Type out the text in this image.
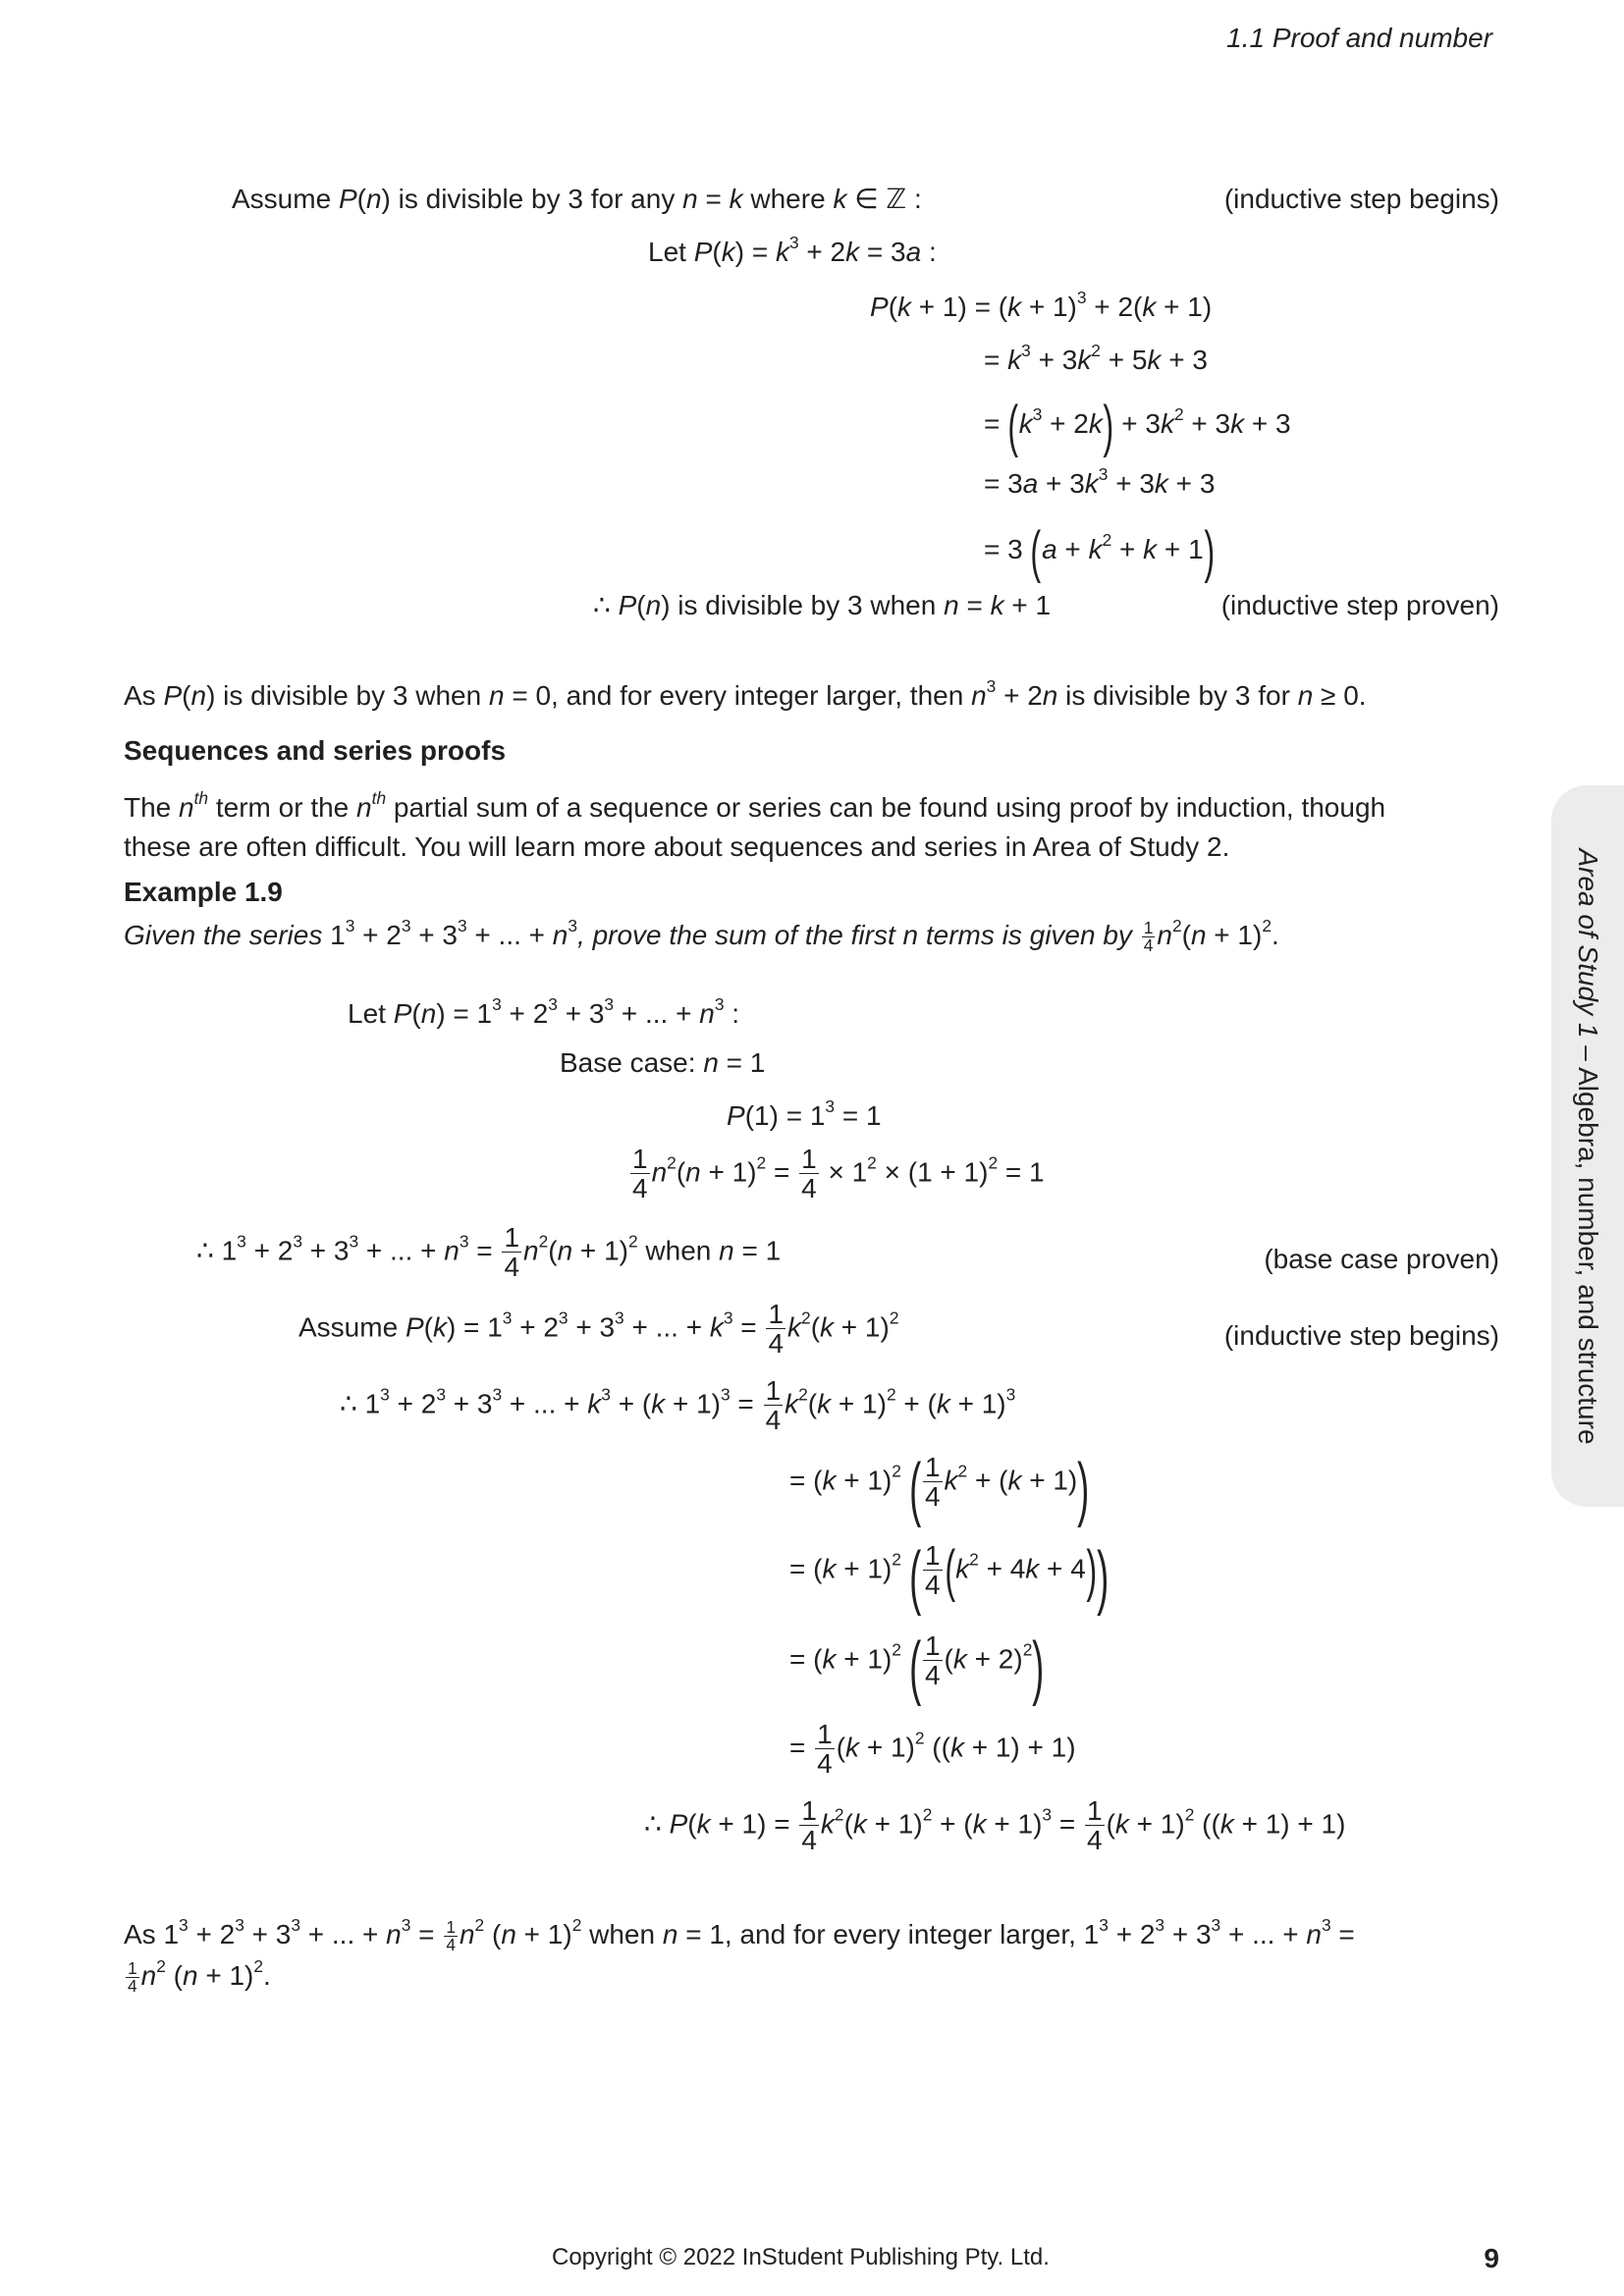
1.1 Proof and number
Assume P(n) is divisible by 3 for any n = k where k ∈ ℤ :	(inductive step begins)
Let $P(k) = k^3 + 2k = 3a$ :
$P(k + 1) = (k + 1)^3 + 2(k + 1)$
= $k^3 + 3k^2 + 5k + 3$
= $(k^3 + 2k) + 3k^2 + 3k + 3$
= $3a + 3k^3 + 3k + 3$
= 3 $(a + k^2 + k + 1)$
∴ P(n) is divisible by 3 when n = k + 1	(inductive step proven)
As P(n) is divisible by 3 when n = 0, and for every integer larger, then $n^3 + 2n$ is divisible by 3 for n ≥ 0.
Sequences and series proofs
The $n^{th}$ term or the $n^{th}$ partial sum of a sequence or series can be found using proof by induction, though
these are often difficult. You will learn more about sequences and series in Area of Study 2.
Example 1.9
Given the series $1^3 + 2^3 + 3^3$ + ... + $n^3$, prove the sum of the first n terms is given by $\frac{1}{4} n^2(n + 1)^2$.
Let $P(n) = 1^3 + 2^3 + 3^3$ + ... + $n^3$ :
Base case: n = 1
$P(1) = 1^3 = 1$
$\frac{1}{4} n^2(n + 1)^2 = \frac{1}{4} \times 1^2 \times (1 + 1)^2 = 1$
∴ $1^3 + 2^3 + 3^3$ + ... + $n^3 = \frac{1}{4} n^2(n + 1)^2$ when n = 1	(base case proven)
Assume $P(k) = 1^3 + 2^3 + 3^3$ + ... + $k^3 = \frac{1}{4} k^2(k + 1)^2$
(inductive step begins)
∴ $1^3 + 2^3 + 3^3$ + ... + $k^3 + (k + 1)^3 = \frac{1}{4} k^2(k + 1)^2 + (k + 1)^3$
= $(k + 1)^2$ ( $\frac{1}{4} k^2 + (k + 1)$)
= $(k + 1)^2$ ( $\frac{1}{4} (k^2 + 4k + 4)$)
= $(k + 1)^2$ ( $\frac{1}{4} (k + 2)^2$)
= $\frac{1}{4} (k + 1)^2$ ((k + 1) + 1)
∴ $P(k + 1) = \frac{1}{4} k^2(k + 1)^2 + (k + 1)^3 = \frac{1}{4} (k + 1)^2$ ((k + 1) + 1)
As $1^3 + 2^3 + 3^3$ + ... + $n^3 = \frac{1}{4} n^2$ $(n + 1)^2$ when n = 1, and for every integer larger, $1^3 + 2^3 + 3^3$ + ... + $n^3$ =
$\frac{1}{4} n^2$ $(n + 1)^2$.
Area of Study 1 – Algebra, number, and structure
Copyright © 2022 InStudent Publishing Pty. Ltd.	9
